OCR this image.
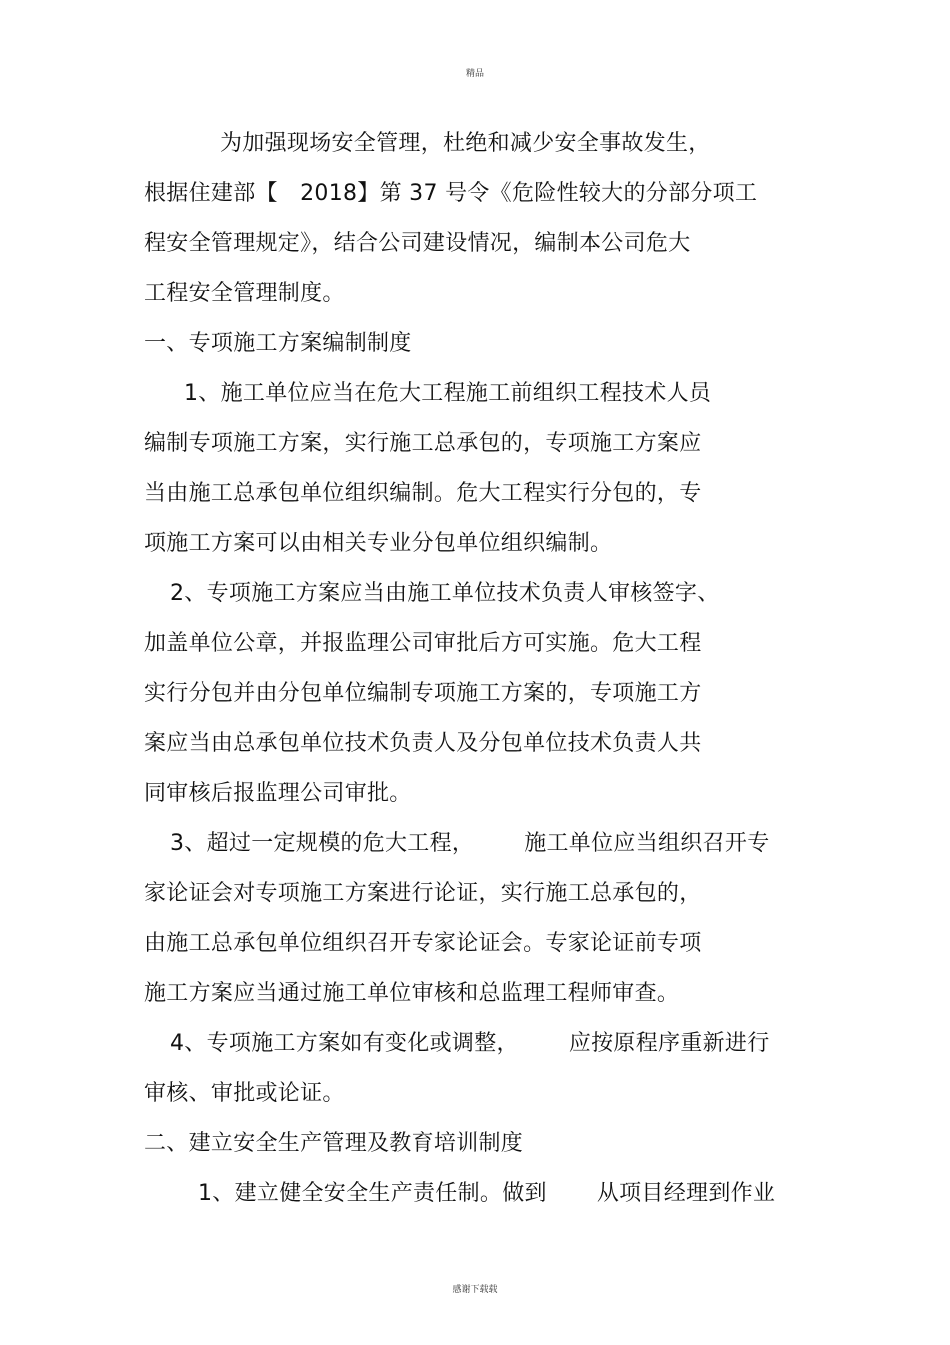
精品
为加强现场安全管理，杜绝和减少安全事故发生，
根据住建部【　2018】第 37 号令《危险性较大的分部分项工
程安全管理规定》，结合公司建设情况，编制本公司危大
工程安全管理制度。
一、专项施工方案编制制度
1、施工单位应当在危大工程施工前组织工程技术人员
编制专项施工方案，实行施工总承包的，专项施工方案应
当由施工总承包单位组织编制。危大工程实行分包的，专
项施工方案可以由相关专业分包单位组织编制。
2、专项施工方案应当由施工单位技术负责人审核签字、
加盖单位公章，并报监理公司审批后方可实施。危大工程
实行分包并由分包单位编制专项施工方案的，专项施工方
案应当由总承包单位技术负责人及分包单位技术负责人共
同审核后报监理公司审批。
3、超过一定规模的危大工程， 施工单位应当组织召开专
家论证会对专项施工方案进行论证，实行施工总承包的，
由施工总承包单位组织召开专家论证会。专家论证前专项
施工方案应当通过施工单位审核和总监理工程师审查。
4、专项施工方案如有变化或调整， 应按原程序重新进行
审核、审批或论证。
二、建立安全生产管理及教育培训制度
1、建立健全安全生产责任制。做到 从项目经理到作业
感谢下载载
